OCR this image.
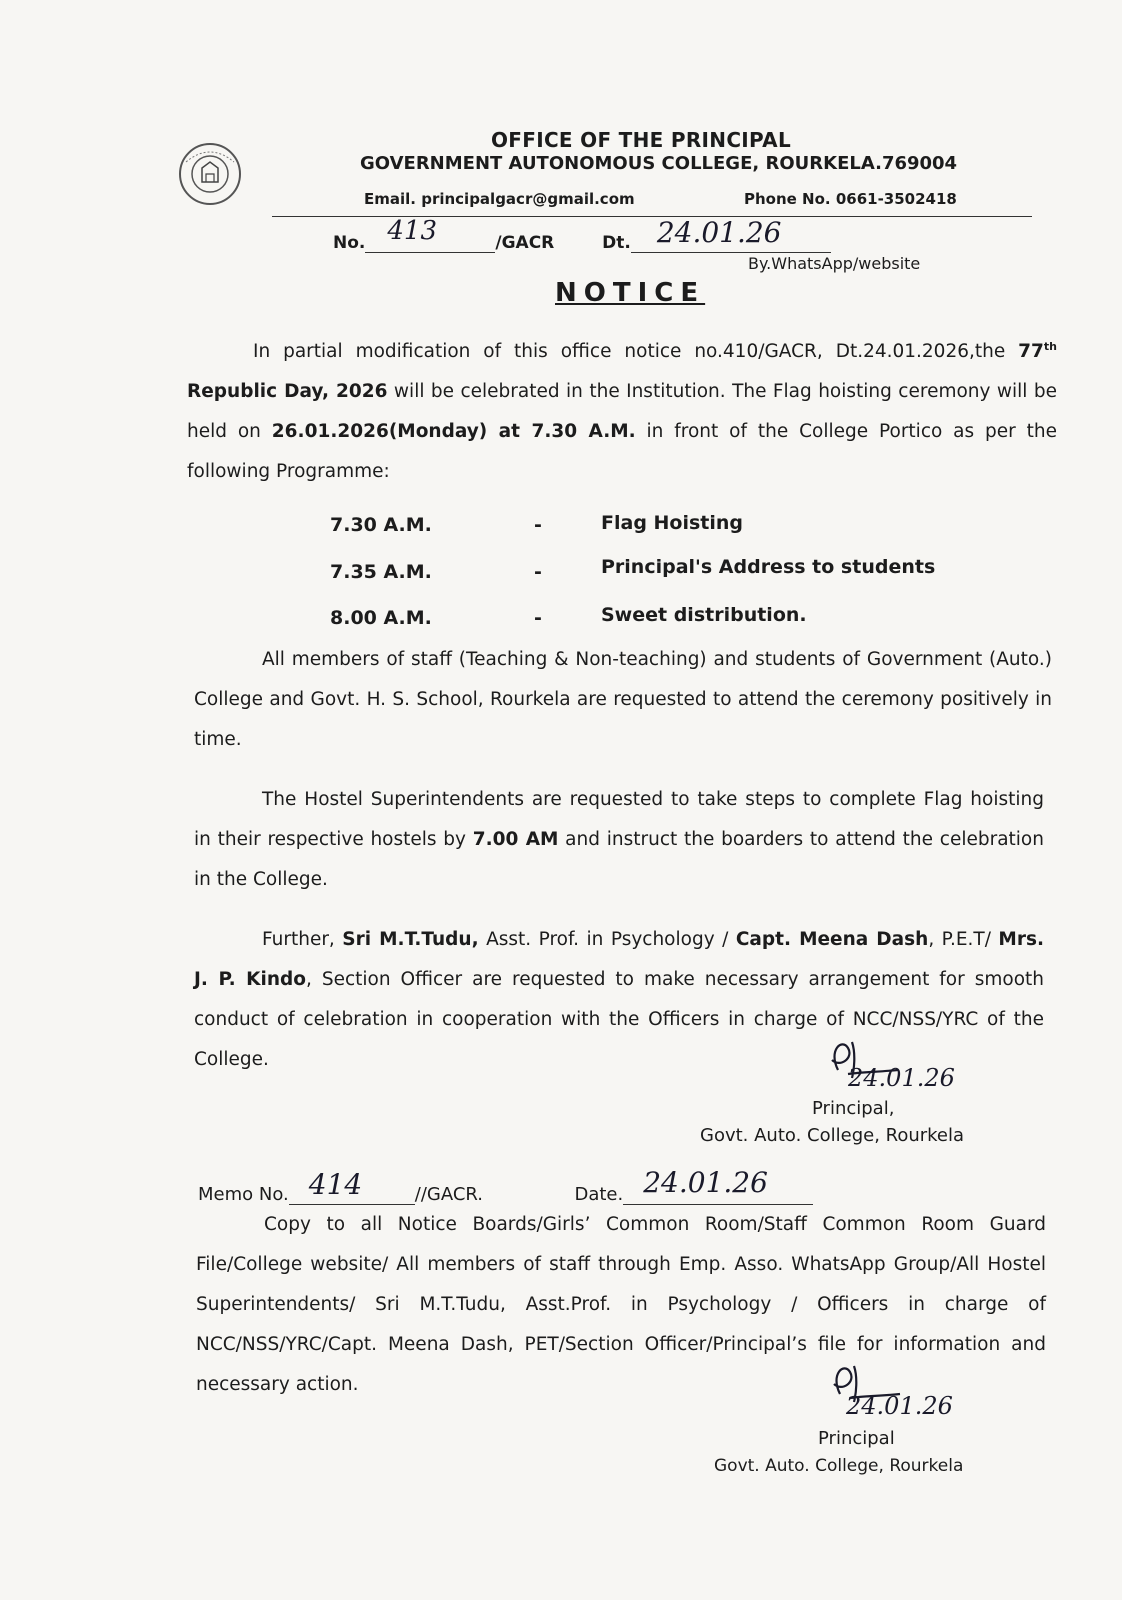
OFFICE OF THE PRINCIPAL
GOVERNMENT AUTONOMOUS COLLEGE, ROURKELA.769004
Email. principalgacr@gmail.com	Phone No. 0661-3502418
No. 413	/GACR	Dt. 24.01.26
By.WhatsApp/website
NOTICE
In partial modification of this office notice no.410/GACR, Dt.24.01.2026,the 77th Republic Day, 2026 will be celebrated in the Institution. The Flag hoisting ceremony will be held on 26.01.2026(Monday) at 7.30 A.M. in front of the College Portico as per the following Programme:
7.30 A.M.	-	Flag Hoisting
7.35 A.M.	-	Principal's Address to students
8.00 A.M.	-	Sweet distribution.
All members of staff (Teaching & Non-teaching) and students of Government (Auto.) College and Govt. H. S. School, Rourkela are requested to attend the ceremony positively in time.
The Hostel Superintendents are requested to take steps to complete Flag hoisting in their respective hostels by 7.00 AM and instruct the boarders to attend the celebration in the College.
Further, Sri M.T.Tudu, Asst. Prof. in Psychology / Capt. Meena Dash, P.E.T/ Mrs. J. P. Kindo, Section Officer are requested to make necessary arrangement for smooth conduct of celebration in cooperation with the Officers in charge of NCC/NSS/YRC of the College.
24.01.26
Principal,
Govt. Auto. College, Rourkela
Memo No. 414	//GACR.	Date. 24.01.26
Copy to all Notice Boards/Girls’ Common Room/Staff Common Room Guard File/College website/ All members of staff through Emp. Asso. WhatsApp Group/All Hostel Superintendents/ Sri M.T.Tudu, Asst.Prof. in Psychology / Officers in charge of NCC/NSS/YRC/Capt. Meena Dash, PET/Section Officer/Principal’s file for information and necessary action.
24.01.26
Principal
Govt. Auto. College, Rourkela
